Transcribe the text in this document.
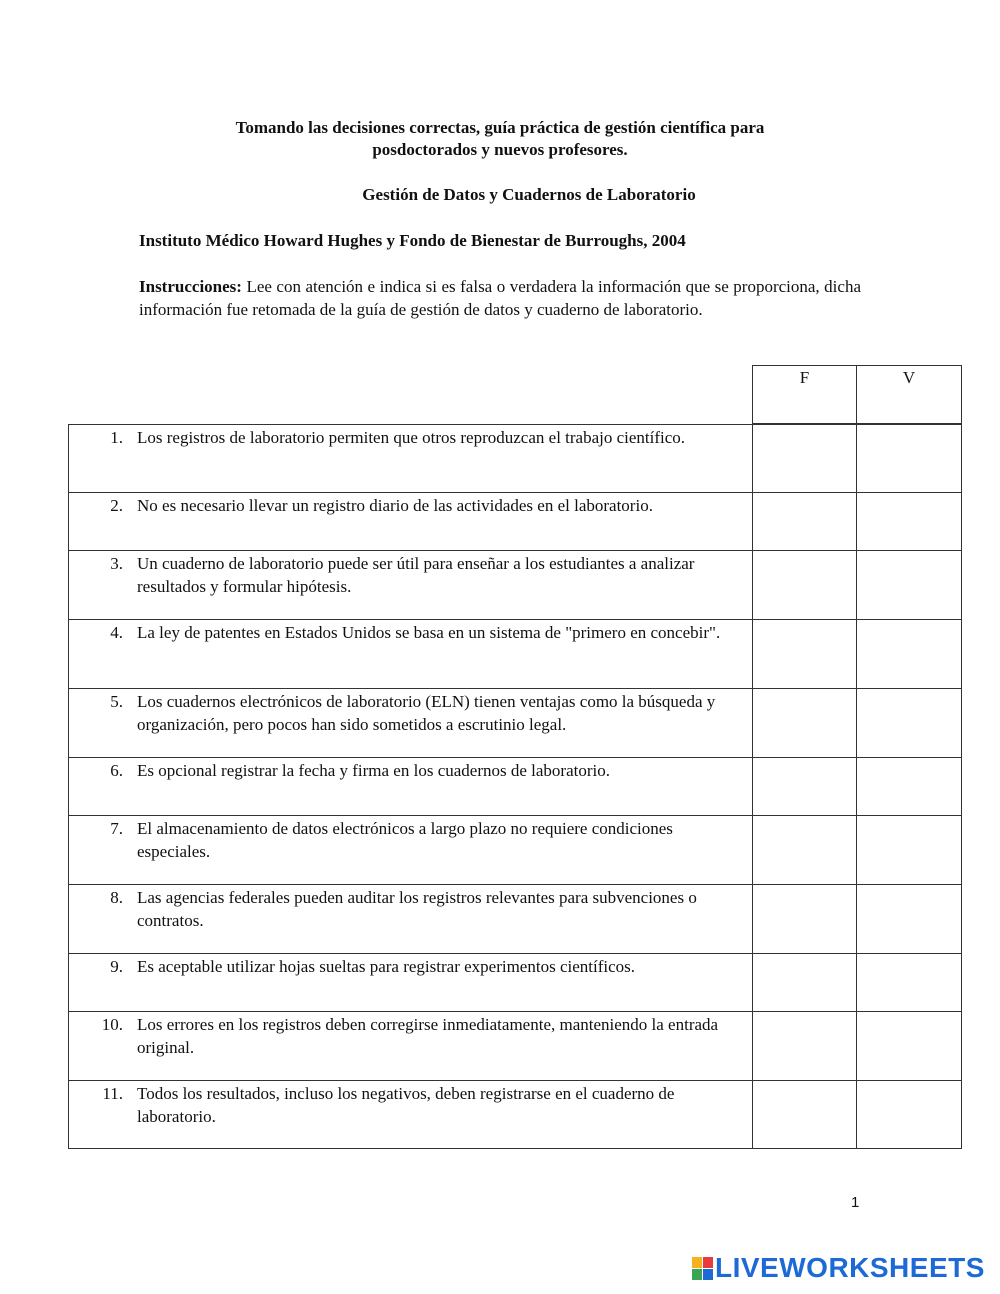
Tomando las decisiones correctas, guía práctica de gestión científica para
posdoctorados y nuevos profesores.
Gestión de Datos y Cuadernos de Laboratorio
Instituto Médico Howard Hughes y Fondo de Bienestar de Burroughs, 2004
Instrucciones: Lee con atención e indica si es falsa o verdadera la información que se proporciona, dicha información fue retomada de la guía de gestión de datos y cuaderno de laboratorio.
F	V
1. Los registros de laboratorio permiten que otros reproduzcan el trabajo científico.
2. No es necesario llevar un registro diario de las actividades en el laboratorio.
3. Un cuaderno de laboratorio puede ser útil para enseñar a los estudiantes a analizar resultados y formular hipótesis.
4. La ley de patentes en Estados Unidos se basa en un sistema de "primero en concebir".
5. Los cuadernos electrónicos de laboratorio (ELN) tienen ventajas como la búsqueda y organización, pero pocos han sido sometidos a escrutinio legal.
6. Es opcional registrar la fecha y firma en los cuadernos de laboratorio.
7. El almacenamiento de datos electrónicos a largo plazo no requiere condiciones especiales.
8. Las agencias federales pueden auditar los registros relevantes para subvenciones o contratos.
9. Es aceptable utilizar hojas sueltas para registrar experimentos científicos.
10. Los errores en los registros deben corregirse inmediatamente, manteniendo la entrada original.
11. Todos los resultados, incluso los negativos, deben registrarse en el cuaderno de laboratorio.
1
LIVEWORKSHEETS
